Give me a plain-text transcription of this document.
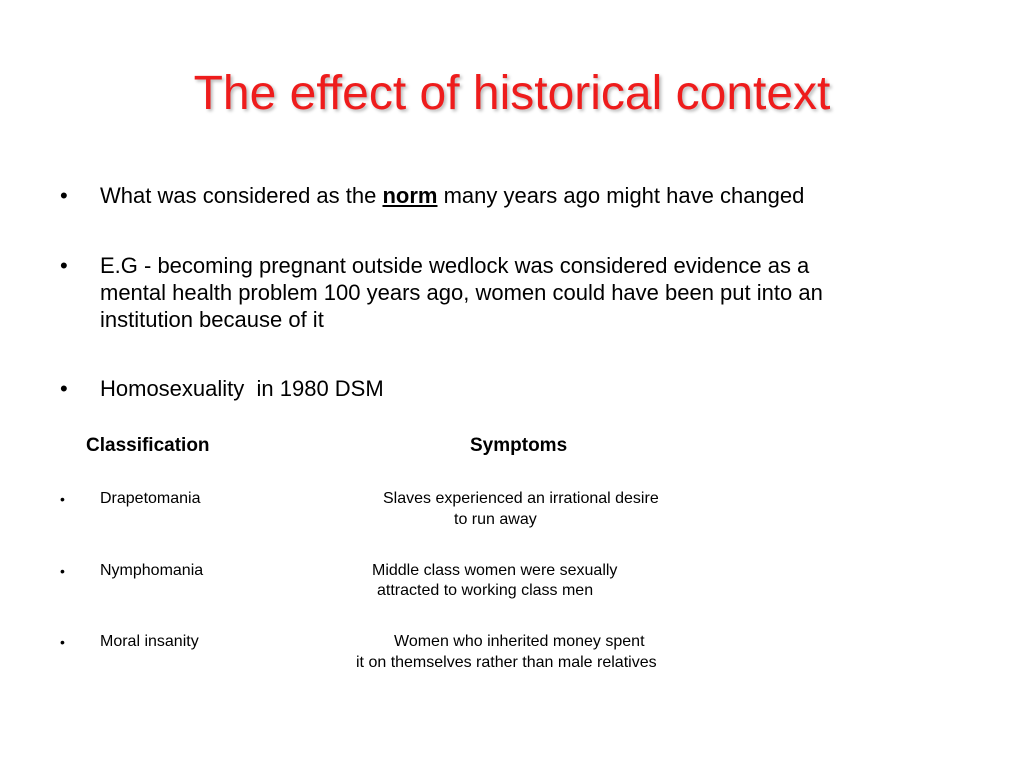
The effect of historical context
• What was considered as the norm many years ago might have changed
• E.G - becoming pregnant outside wedlock was considered evidence as a
mental health problem 100 years ago, women could have been put into an
institution because of it
• Homosexuality  in 1980 DSM
Classification	Symptoms
• Drapetomania	Slaves experienced an irrational desire
to run away
• Nymphomania	Middle class women were sexually
attracted to working class men
• Moral insanity	Women who inherited money spent
it on themselves rather than male relatives
